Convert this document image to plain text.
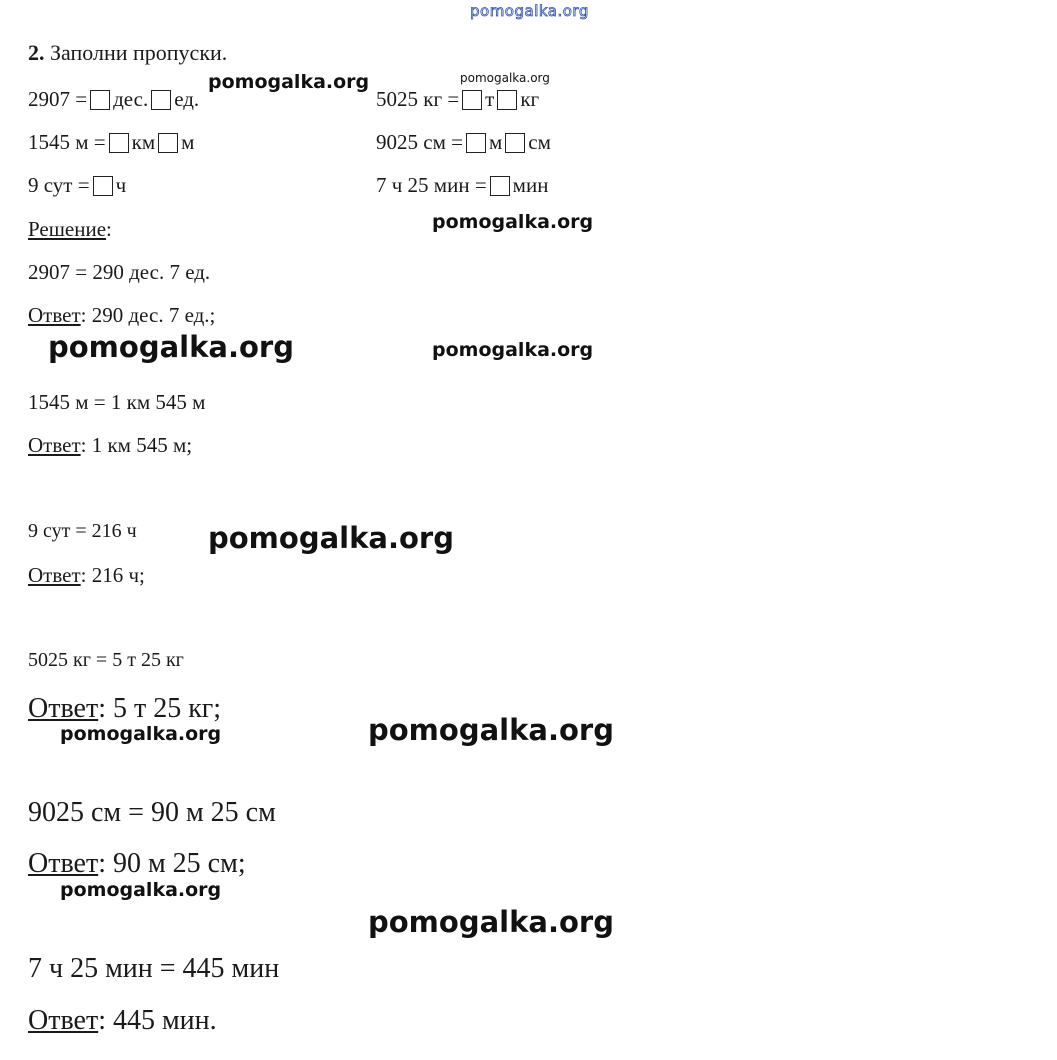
pomogalka.org
2. Заполни пропуски.
2907 = дес. ед.
1545 м = км м
9 сут = ч
5025 кг = т кг
9025 см = м см
7 ч 25 мин = мин
Решение:
2907 = 290 дес. 7 ед.
Ответ: 290 дес. 7 ед.;
1545 м = 1 км 545 м
Ответ: 1 км 545 м;
9 сут = 216 ч
Ответ: 216 ч;
5025 кг = 5 т 25 кг
Ответ: 5 т 25 кг;
9025 см = 90 м 25 см
Ответ: 90 м 25 см;
7 ч 25 мин = 445 мин
Ответ: 445 мин.
pomogalka.org	pomogalka.org
pomogalka.org
pomogalka.org	pomogalka.org
pomogalka.org
pomogalka.org	pomogalka.org
pomogalka.org
pomogalka.org
